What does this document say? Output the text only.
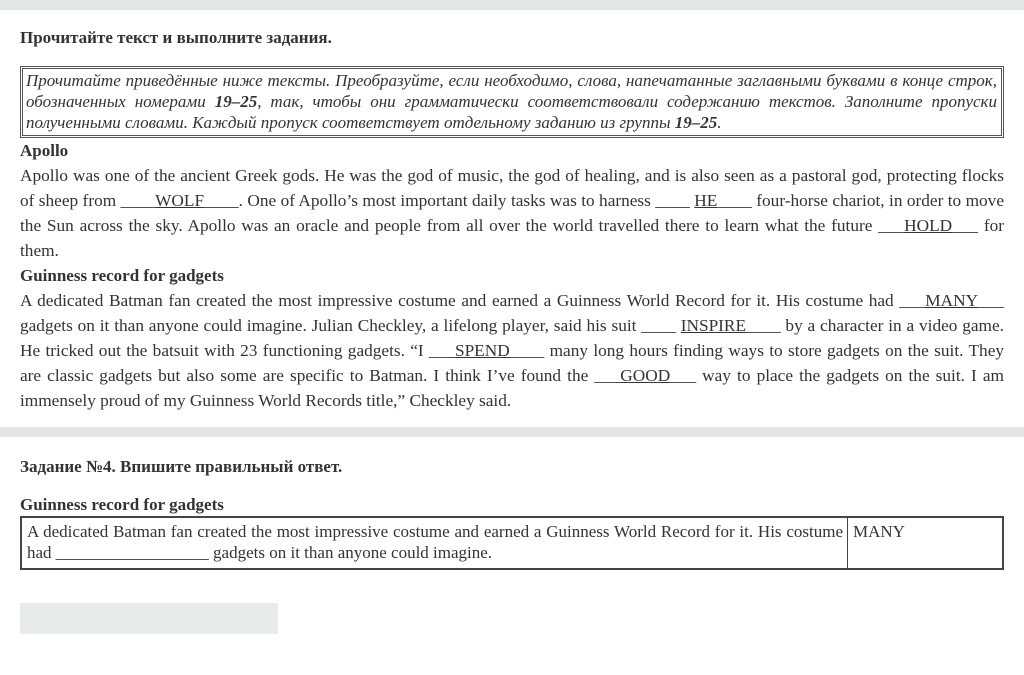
Прочитайте текст и выполните задания.
Прочитайте приведённые ниже тексты. Преобразуйте, если необходимо, слова, напечатанные заглавными буквами в конце строк, обозначенных номерами 19–25, так, чтобы они грамматически соответствовали содержанию текстов. Заполните пропуски полученными словами. Каждый пропуск соответствует отдельному заданию из группы 19–25.
Apollo
Apollo was one of the ancient Greek gods. He was the god of music, the god of healing, and is also seen as a pastoral god, protecting flocks of sheep from ____WOLF____. One of Apollo’s most important daily tasks was to harness ____ HE____ four-horse chariot, in order to move the Sun across the sky. Apollo was an oracle and people from all over the world travelled there to learn what the future ___HOLD___ for them.
Guinness record for gadgets
A dedicated Batman fan created the most impressive costume and earned a Guinness World Record for it. His costume had ___MANY___ gadgets on it than anyone could imagine. Julian Checkley, a lifelong player, said his suit ____ INSPIRE____ by a character in a video game. He tricked out the batsuit with 23 functioning gadgets. “I ___SPEND____ many long hours finding ways to store gadgets on the suit. They are classic gadgets but also some are specific to Batman. I think I’ve found the ___GOOD___ way to place the gadgets on the suit. I am immensely proud of my Guinness World Records title,” Checkley said.
Задание №4. Впишите правильный ответ.
Guinness record for gadgets
A dedicated Batman fan created the most impressive costume and earned a Guinness World Record for it. His costume had __________________ gadgets on it than anyone could imagine.	MANY
